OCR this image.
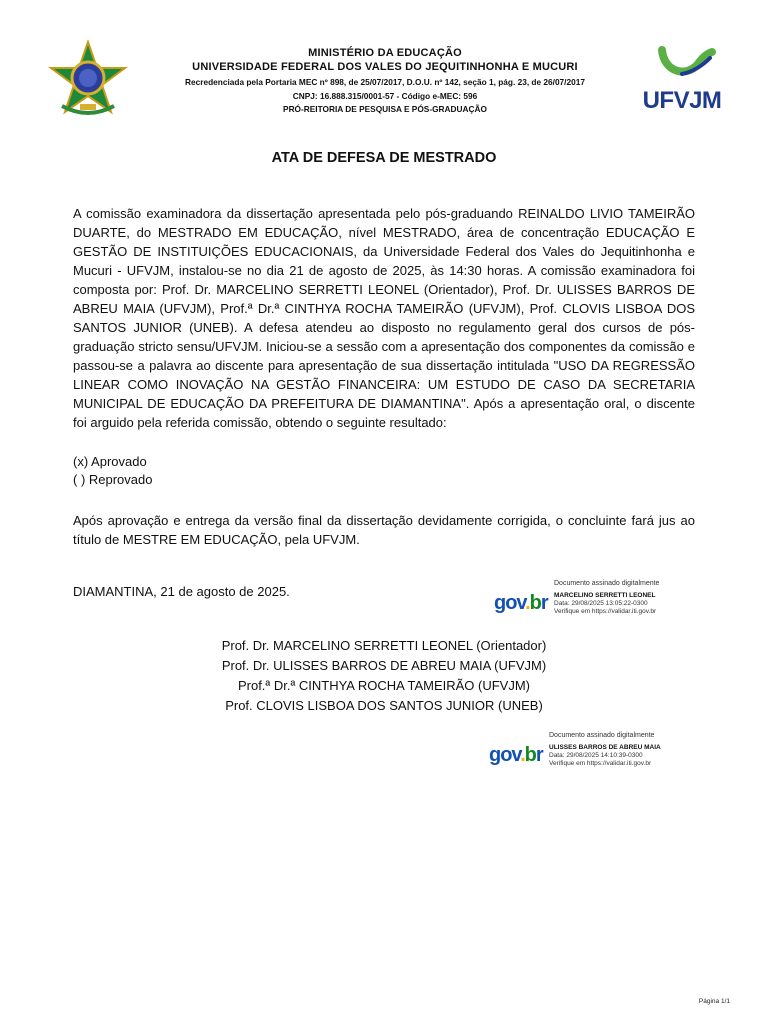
MINISTÉRIO DA EDUCAÇÃO
UNIVERSIDADE FEDERAL DOS VALES DO JEQUITINHONHA E MUCURI
Recredenciada pela Portaria MEC nº 898, de 25/07/2017, D.O.U. nº 142, seção 1, pág. 23, de 26/07/2017
CNPJ: 16.888.315/0001-57 - Código e-MEC: 596
PRÓ-REITORIA DE PESQUISA E PÓS-GRADUAÇÃO	UFVJM
ATA DE DEFESA DE MESTRADO
A comissão examinadora da dissertação apresentada pelo pós-graduando REINALDO LIVIO TAMEIRÃO DUARTE, do MESTRADO EM EDUCAÇÃO, nível MESTRADO, área de concentração EDUCAÇÃO E GESTÃO DE INSTITUIÇÕES EDUCACIONAIS, da Universidade Federal dos Vales do Jequitinhonha e Mucuri - UFVJM, instalou-se no dia 21 de agosto de 2025, às 14:30 horas. A comissão examinadora foi composta por: Prof. Dr. MARCELINO SERRETTI LEONEL (Orientador), Prof. Dr. ULISSES BARROS DE ABREU MAIA (UFVJM), Prof.ª Dr.ª CINTHYA ROCHA TAMEIRÃO (UFVJM), Prof. CLOVIS LISBOA DOS SANTOS JUNIOR (UNEB). A defesa atendeu ao disposto no regulamento geral dos cursos de pós-graduação stricto sensu/UFVJM. Iniciou-se a sessão com a apresentação dos componentes da comissão e passou-se a palavra ao discente para apresentação de sua dissertação intitulada "USO DA REGRESSÃO LINEAR COMO INOVAÇÃO NA GESTÃO FINANCEIRA: UM ESTUDO DE CASO DA SECRETARIA MUNICIPAL DE EDUCAÇÃO DA PREFEITURA DE DIAMANTINA". Após a apresentação oral, o discente foi arguido pela referida comissão, obtendo o seguinte resultado:
(x) Aprovado
( ) Reprovado
Após aprovação e entrega da versão final da dissertação devidamente corrigida, o concluinte fará jus ao título de MESTRE EM EDUCAÇÃO, pela UFVJM.
DIAMANTINA, 21 de agosto de 2025.
gov.br
Documento assinado digitalmente
MARCELINO SERRETTI LEONEL
Data: 29/08/2025 13:05:22-0300
Verifique em https://validar.iti.gov.br
Prof. Dr. MARCELINO SERRETTI LEONEL (Orientador)
Prof. Dr. ULISSES BARROS DE ABREU MAIA (UFVJM)
Prof.ª Dr.ª CINTHYA ROCHA TAMEIRÃO (UFVJM)
Prof. CLOVIS LISBOA DOS SANTOS JUNIOR (UNEB)
gov.br
Documento assinado digitalmente
ULISSES BARROS DE ABREU MAIA
Data: 29/08/2025 14:10:39-0300
Verifique em https://validar.iti.gov.br
Página 1/1
